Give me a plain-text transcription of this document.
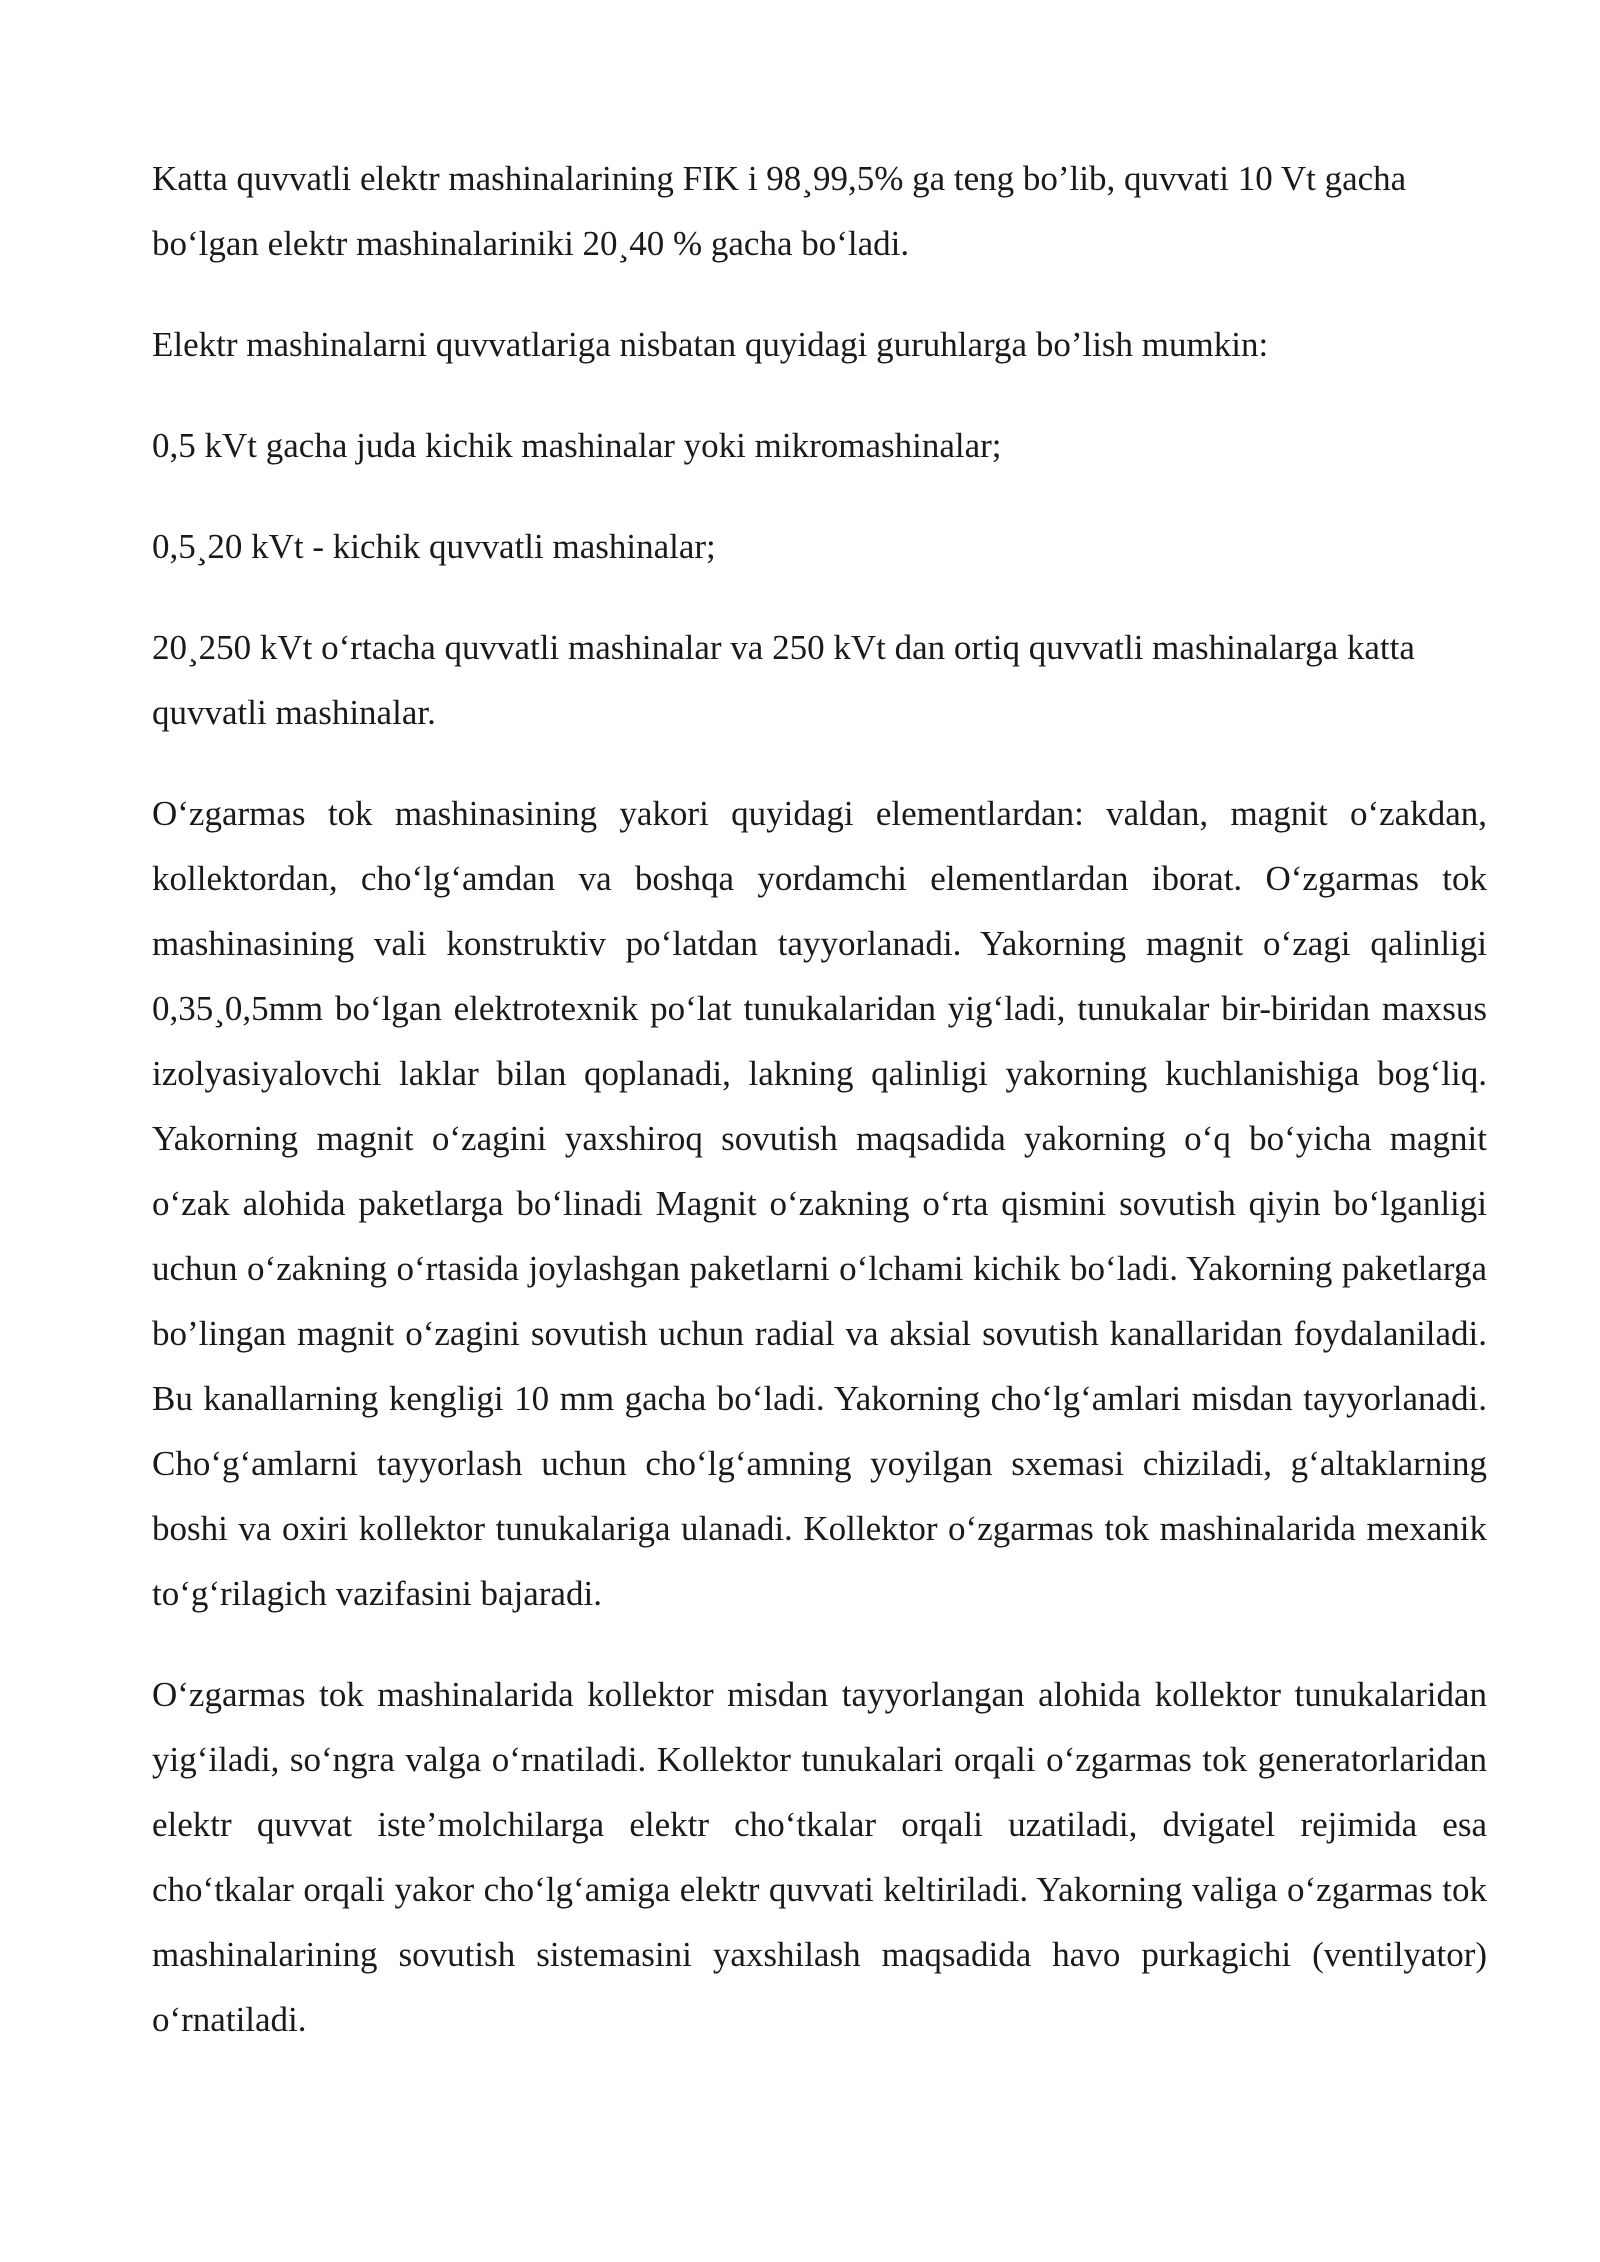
Katta quvvatli elektr mashinalarining FIK i 98¸99,5% ga teng bo’lib, quvvati 10 Vt gacha bo‘lgan elektr mashinalariniki 20¸40 % gacha bo‘ladi.

Elektr mashinalarni quvvatlariga nisbatan quyidagi guruhlarga bo’lish mumkin:

0,5 kVt gacha juda kichik mashinalar yoki mikromashinalar;

0,5¸20 kVt - kichik quvvatli mashinalar;

20¸250 kVt o‘rtacha quvvatli mashinalar va 250 kVt dan ortiq quvvatli mashinalarga katta quvvatli mashinalar.

O‘zgarmas tok mashinasining yakori quyidagi elementlardan: valdan, magnit o‘zakdan, kollektordan, cho‘lg‘amdan va boshqa yordamchi elementlardan iborat. O‘zgarmas tok mashinasining vali konstruktiv po‘latdan tayyorlanadi. Yakorning magnit o‘zagi qalinligi 0,35¸0,5mm bo‘lgan elektrotexnik po‘lat tunukalaridan yig‘ladi, tunukalar bir-biridan maxsus izolyasiyalovchi laklar bilan qoplanadi, lakning qalinligi yakorning kuchlanishiga bog‘liq. Yakorning magnit o‘zagini yaxshiroq sovutish maqsadida yakorning o‘q bo‘yicha magnit o‘zak alohida paketlarga bo‘linadi Magnit o‘zakning o‘rta qismini sovutish qiyin bo‘lganligi uchun o‘zakning o‘rtasida joylashgan paketlarni o‘lchami kichik bo‘ladi. Yakorning paketlarga bo’lingan magnit o‘zagini sovutish uchun radial va aksial sovutish kanallaridan foydalaniladi. Bu kanallarning kengligi 10 mm gacha bo‘ladi. Yakorning cho‘lg‘amlari misdan tayyorlanadi. Cho‘g‘amlarni tayyorlash uchun cho‘lg‘amning yoyilgan sxemasi chiziladi, g‘altaklarning boshi va oxiri kollektor tunukalariga ulanadi. Kollektor o‘zgarmas tok mashinalarida mexanik to‘g‘rilagich vazifasini bajaradi.

O‘zgarmas tok mashinalarida kollektor misdan tayyorlangan alohida kollektor tunukalaridan yig‘iladi, so‘ngra valga o‘rnatiladi. Kollektor tunukalari orqali o‘zgarmas tok generatorlaridan elektr quvvat iste’molchilarga elektr cho‘tkalar orqali uzatiladi, dvigatel rejimida esa cho‘tkalar orqali yakor cho‘lg‘amiga elektr quvvati keltiriladi. Yakorning valiga o‘zgarmas tok mashinalarining sovutish sistemasini yaxshilash maqsadida havo purkagichi (ventilyator) o‘rnatiladi.
